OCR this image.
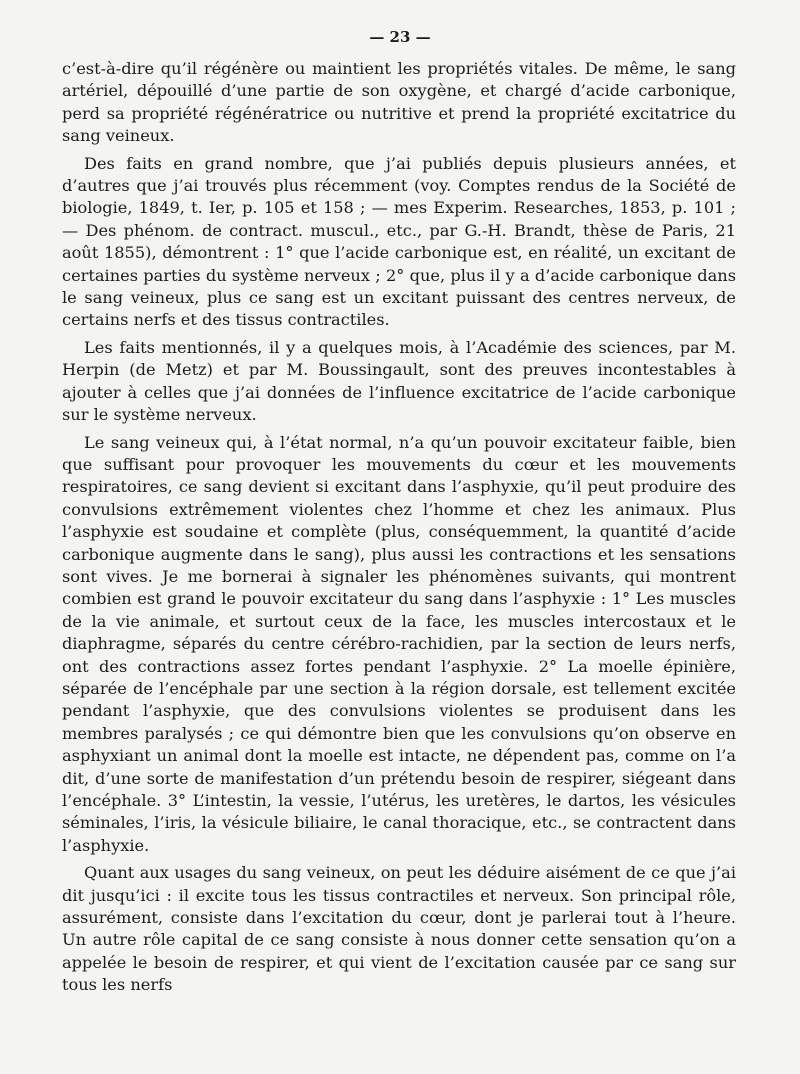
— 23 —

c’est-à-dire qu’il régénère ou maintient les propriétés vitales. De même, le sang artériel, dépouillé d’une partie de son oxygène, et chargé d’acide carbonique, perd sa propriété régénératrice ou nutritive et prend la propriété excitatrice du sang veineux.

Des faits en grand nombre, que j’ai publiés depuis plusieurs années, et d’autres que j’ai trouvés plus récemment (voy. Comptes rendus de la Société de biologie, 1849, t. Ier, p. 105 et 158 ; — mes Experim. Researches, 1853, p. 101 ; — Des phénom. de contract. muscul., etc., par G.-H. Brandt, thèse de Paris, 21 août 1855), démontrent : 1° que l’acide carbonique est, en réalité, un excitant de certaines parties du système nerveux ; 2° que, plus il y a d’acide carbonique dans le sang veineux, plus ce sang est un excitant puissant des centres nerveux, de certains nerfs et des tissus contractiles.

Les faits mentionnés, il y a quelques mois, à l’Académie des sciences, par M. Herpin (de Metz) et par M. Boussingault, sont des preuves incontestables à ajouter à celles que j’ai données de l’influence excitatrice de l’acide carbonique sur le système nerveux.

Le sang veineux qui, à l’état normal, n’a qu’un pouvoir excitateur faible, bien que suffisant pour provoquer les mouvements du cœur et les mouvements respiratoires, ce sang devient si excitant dans l’asphyxie, qu’il peut produire des convulsions extrêmement violentes chez l’homme et chez les animaux. Plus l’asphyxie est soudaine et complète (plus, conséquemment, la quantité d’acide carbonique augmente dans le sang), plus aussi les contractions et les sensations sont vives. Je me bornerai à signaler les phénomènes suivants, qui montrent combien est grand le pouvoir excitateur du sang dans l’asphyxie : 1° Les muscles de la vie animale, et surtout ceux de la face, les muscles intercostaux et le diaphragme, séparés du centre cérébro-rachidien, par la section de leurs nerfs, ont des contractions assez fortes pendant l’asphyxie. 2° La moelle épinière, séparée de l’encéphale par une section à la région dorsale, est tellement excitée pendant l’asphyxie, que des convulsions violentes se produisent dans les membres paralysés ; ce qui démontre bien que les convulsions qu’on observe en asphyxiant un animal dont la moelle est intacte, ne dépendent pas, comme on l’a dit, d’une sorte de manifestation d’un prétendu besoin de respirer, siégeant dans l’encéphale. 3° L’intestin, la vessie, l’utérus, les uretères, le dartos, les vésicules séminales, l’iris, la vésicule biliaire, le canal thoracique, etc., se contractent dans l’asphyxie.

Quant aux usages du sang veineux, on peut les déduire aisément de ce que j’ai dit jusqu’ici : il excite tous les tissus contractiles et nerveux. Son principal rôle, assurément, consiste dans l’excitation du cœur, dont je parlerai tout à l’heure. Un autre rôle capital de ce sang consiste à nous donner cette sensation qu’on a appelée le besoin de respirer, et qui vient de l’excitation causée par ce sang sur tous les nerfs
